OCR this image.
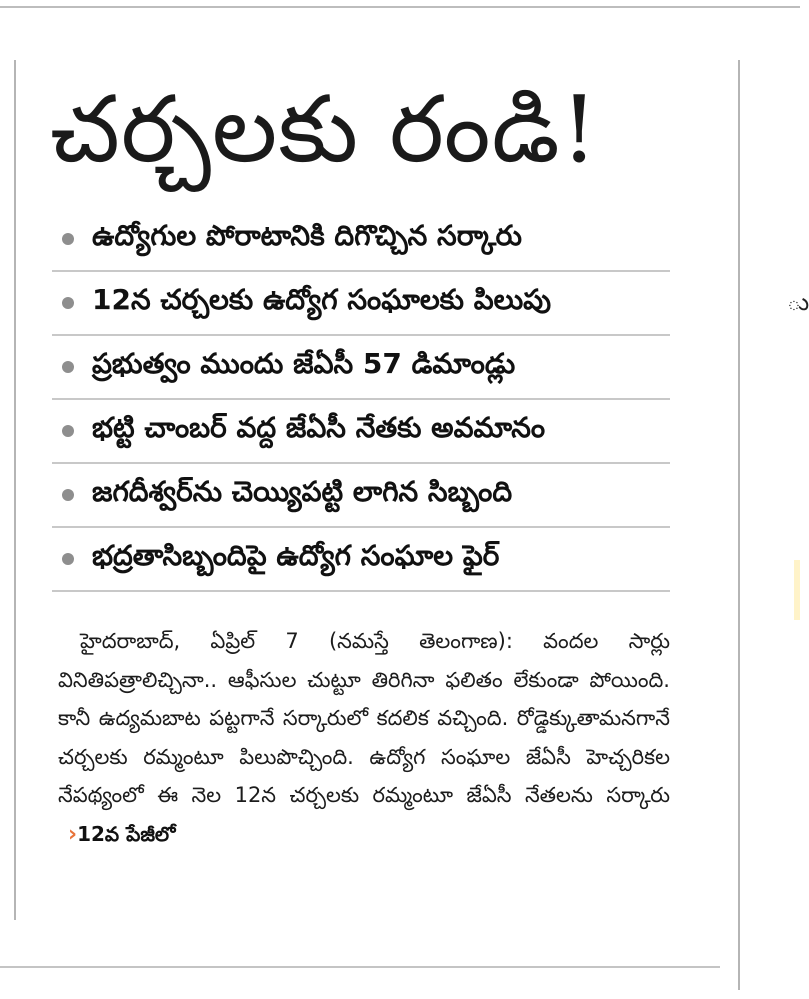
ు
చర్చలకు రండి!
ఉద్యోగుల పోరాటానికి దిగొచ్చిన సర్కారు
12న చర్చలకు ఉద్యోగ సంఘాలకు పిలుపు
ప్రభుత్వం ముందు జేఏసీ 57 డిమాండ్లు
భట్టి చాంబర్ వద్ద జేఏసీ నేతకు అవమానం
జగదీశ్వర్‌ను చెయ్యిపట్టి లాగిన సిబ్బంది
భద్రతాసిబ్బందిపై ఉద్యోగ సంఘాల ఫైర్
హైదరాబాద్, ఏప్రిల్ 7 (నమస్తే తెలంగాణ): వందల సార్లు వినితిపత్రాలిచ్చినా.. ఆఫీసుల చుట్టూ తిరిగినా ఫలితం లేకుండా పోయింది. కానీ ఉద్యమబాట పట్టగానే సర్కారులో కదలిక వచ్చింది. రోడ్డెక్కుతామనగానే చర్చలకు రమ్మంటూ పిలుపొచ్చింది. ఉద్యోగ సంఘాల జేఏసీ హెచ్చరికల నేపథ్యంలో ఈ నెల 12న చర్చలకు రమ్మంటూ జేఏసీ నేతలను సర్కారు ›12వ పేజీలో
